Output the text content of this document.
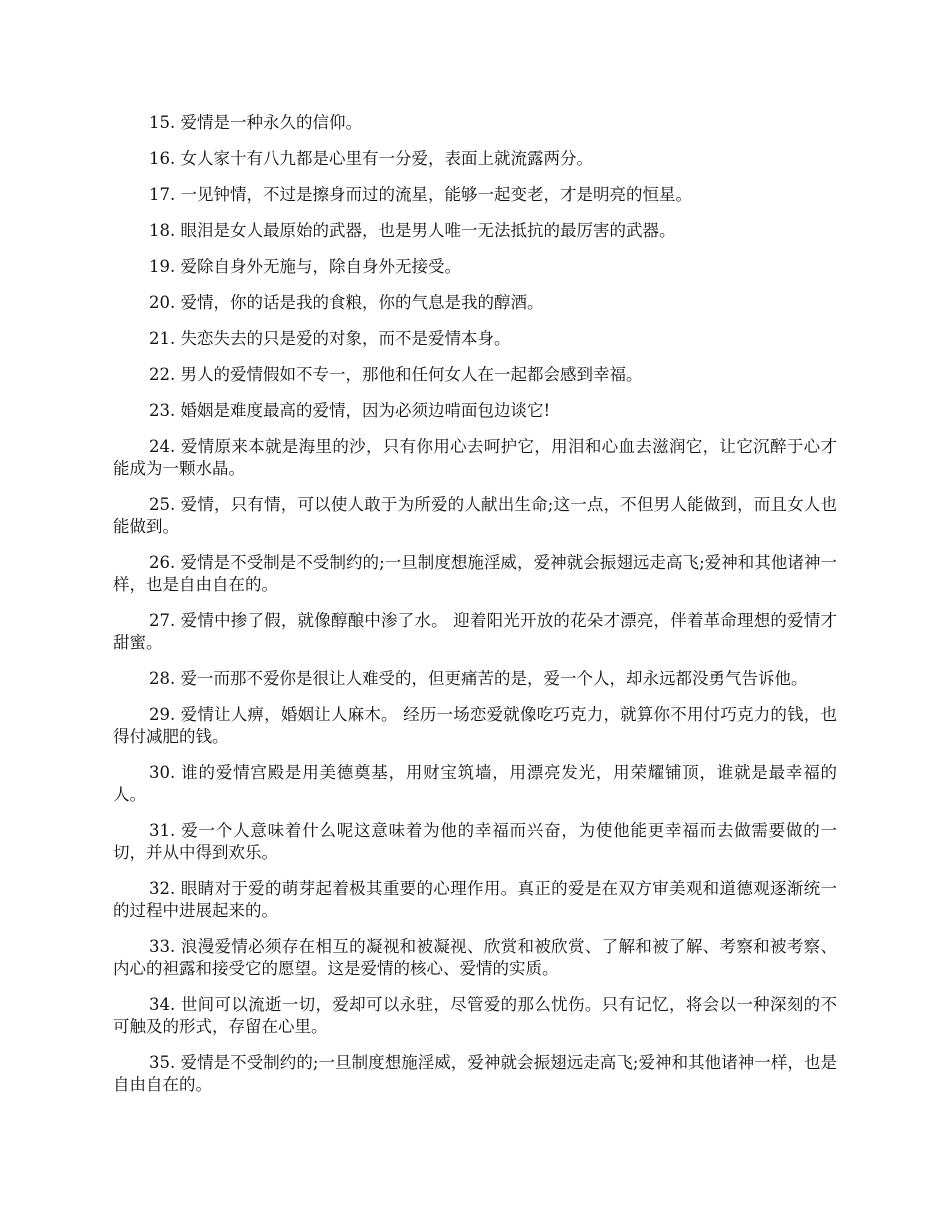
15. 爱情是一种永久的信仰。

16. 女人家十有八九都是心里有一分爱，表面上就流露两分。

17. 一见钟情，不过是擦身而过的流星，能够一起变老，才是明亮的恒星。

18. 眼泪是女人最原始的武器，也是男人唯一无法抵抗的最厉害的武器。

19. 爱除自身外无施与，除自身外无接受。

20. 爱情，你的话是我的食粮，你的气息是我的醇酒。

21. 失恋失去的只是爱的对象，而不是爱情本身。

22. 男人的爱情假如不专一，那他和任何女人在一起都会感到幸福。

23. 婚姻是难度最高的爱情，因为必须边啃面包边谈它!

24. 爱情原来本就是海里的沙，只有你用心去呵护它，用泪和心血去滋润它，让它沉醉于心才能成为一颗水晶。

25. 爱情，只有情，可以使人敢于为所爱的人献出生命;这一点，不但男人能做到，而且女人也能做到。

26. 爱情是不受制是不受制约的;一旦制度想施淫威，爱神就会振翅远走高飞;爱神和其他诸神一样，也是自由自在的。

27. 爱情中掺了假，就像醇酿中渗了水。 迎着阳光开放的花朵才漂亮，伴着革命理想的爱情才甜蜜。

28. 爱一而那不爱你是很让人难受的，但更痛苦的是，爱一个人，却永远都没勇气告诉他。

29. 爱情让人痹，婚姻让人麻木。 经历一场恋爱就像吃巧克力，就算你不用付巧克力的钱，也得付减肥的钱。

30. 谁的爱情宫殿是用美德奠基，用财宝筑墙，用漂亮发光，用荣耀铺顶，谁就是最幸福的人。

31. 爱一个人意味着什么呢这意味着为他的幸福而兴奋，为使他能更幸福而去做需要做的一切，并从中得到欢乐。

32. 眼睛对于爱的萌芽起着极其重要的心理作用。真正的爱是在双方审美观和道德观逐渐统一的过程中进展起来的。

33. 浪漫爱情必须存在相互的凝视和被凝视、欣赏和被欣赏、了解和被了解、考察和被考察、内心的袒露和接受它的愿望。这是爱情的核心、爱情的实质。

34. 世间可以流逝一切，爱却可以永驻，尽管爱的那么忧伤。只有记忆，将会以一种深刻的不可触及的形式，存留在心里。

35. 爱情是不受制约的;一旦制度想施淫威，爱神就会振翅远走高飞;爱神和其他诸神一样，也是自由自在的。
